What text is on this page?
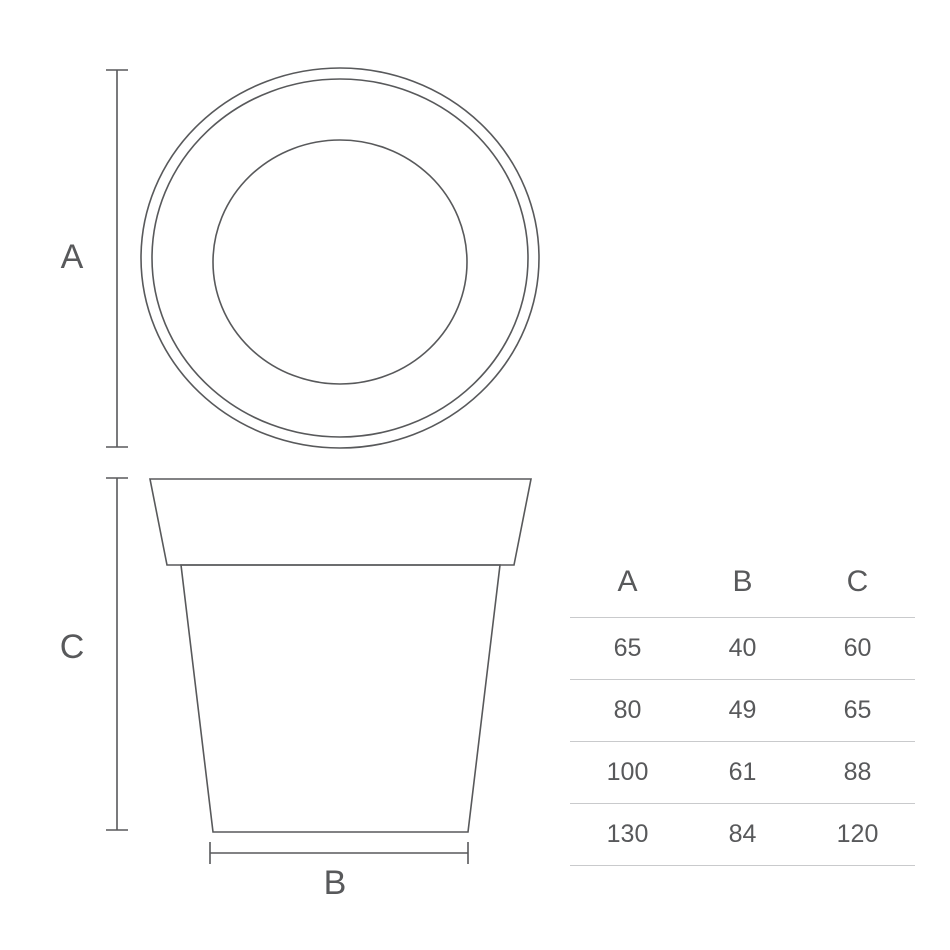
A
C
B
A	B	C
65	40	60
80	49	65
100	61	88
130	84	120
